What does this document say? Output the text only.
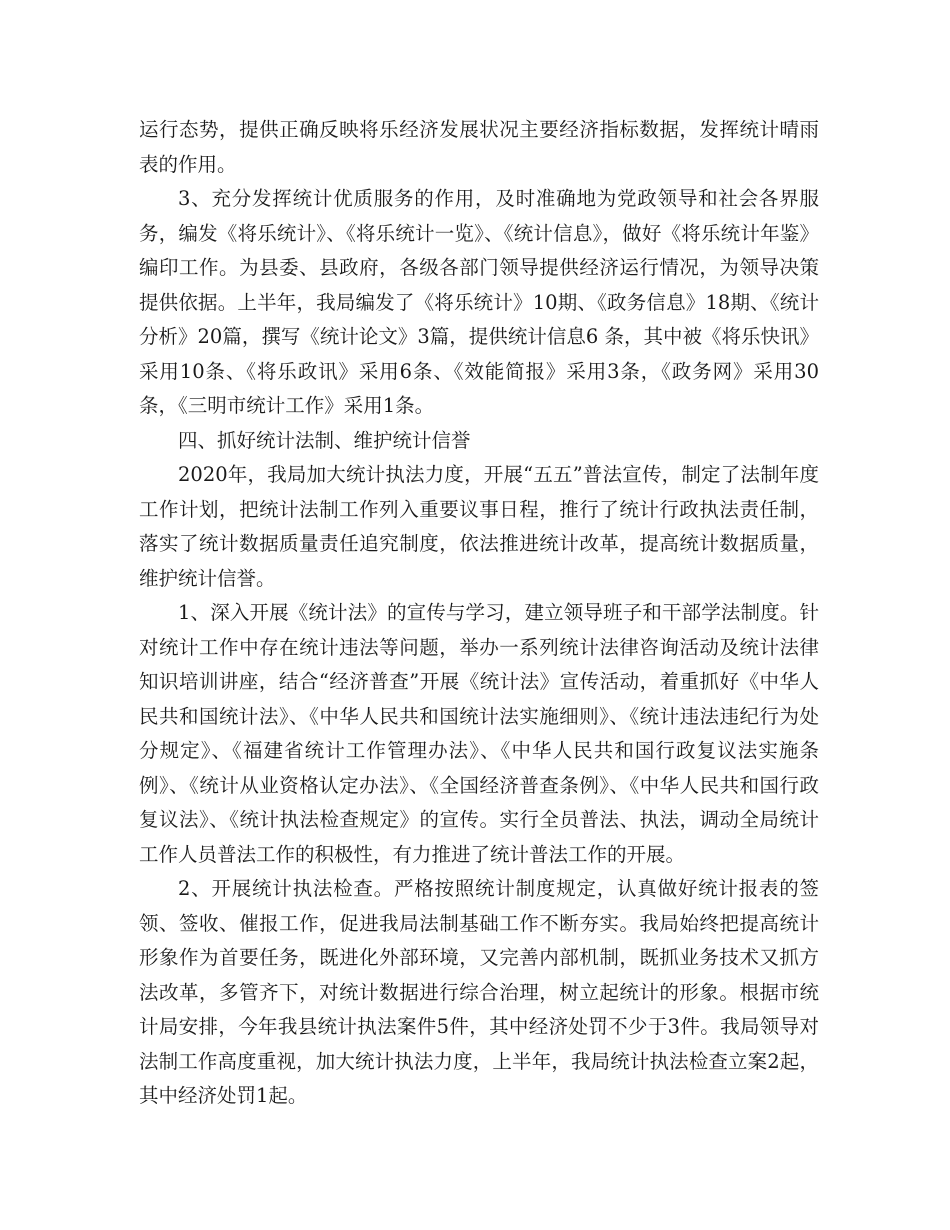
运行态势，提供正确反映将乐经济发展状况主要经济指标数据，发挥统计晴雨表的作用。

3、充分发挥统计优质服务的作用，及时准确地为党政领导和社会各界服务，编发《将乐统计》、《将乐统计一览》、《统计信息》，做好《将乐统计年鉴》编印工作。为县委、县政府，各级各部门领导提供经济运行情况，为领导决策提供依据。上半年，我局编发了《将乐统计》10期、《政务信息》18期、《统计分析》20篇，撰写《统计论文》3篇，提供统计信息6 条，其中被《将乐快讯》采用10条、《将乐政讯》采用6条、《效能简报》采用3条，《政务网》采用30条，《三明市统计工作》采用1条。

四、抓好统计法制、维护统计信誉

2020年，我局加大统计执法力度，开展“五五”普法宣传，制定了法制年度工作计划，把统计法制工作列入重要议事日程，推行了统计行政执法责任制，落实了统计数据质量责任追究制度，依法推进统计改革，提高统计数据质量，维护统计信誉。

1、深入开展《统计法》的宣传与学习，建立领导班子和干部学法制度。针对统计工作中存在统计违法等问题，举办一系列统计法律咨询活动及统计法律知识培训讲座，结合“经济普查”开展《统计法》宣传活动，着重抓好《中华人民共和国统计法》、《中华人民共和国统计法实施细则》、《统计违法违纪行为处分规定》、《福建省统计工作管理办法》、《中华人民共和国行政复议法实施条例》、《统计从业资格认定办法》、《全国经济普查条例》、《中华人民共和国行政复议法》、《统计执法检查规定》的宣传。实行全员普法、执法，调动全局统计工作人员普法工作的积极性，有力推进了统计普法工作的开展。

2、开展统计执法检查。严格按照统计制度规定，认真做好统计报表的签领、签收、催报工作，促进我局法制基础工作不断夯实。我局始终把提高统计形象作为首要任务，既进化外部环境，又完善内部机制，既抓业务技术又抓方法改革，多管齐下，对统计数据进行综合治理，树立起统计的形象。根据市统计局安排，今年我县统计执法案件5件，其中经济处罚不少于3件。我局领导对法制工作高度重视，加大统计执法力度，上半年，我局统计执法检查立案2起，其中经济处罚1起。
